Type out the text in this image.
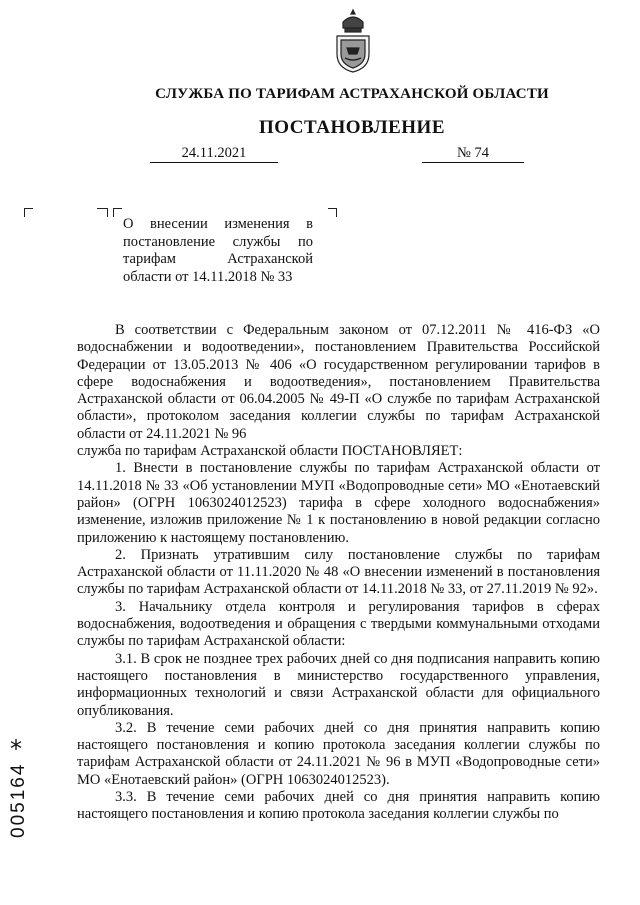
СЛУЖБА ПО ТАРИФАМ АСТРАХАНСКОЙ ОБЛАСТИ
ПОСТАНОВЛЕНИЕ
24.11.2021	№ 74
О внесении изменения в
постановление службы по
тарифам Астраханской
области от 14.11.2018 № 33

В соответствии с Федеральным законом от 07.12.2011 № 416-ФЗ «О водоснабжении и водоотведении», постановлением Правительства Российской Федерации от 13.05.2013 № 406 «О государственном регулировании тарифов в сфере водоснабжения и водоотведения», постановлением Правительства Астраханской области от 06.04.2005 № 49-П «О службе по тарифам Астраханской области», протоколом заседания коллегии службы по тарифам Астраханской области от 24.11.2021 № 96

служба по тарифам Астраханской области ПОСТАНОВЛЯЕТ:

1. Внести в постановление службы по тарифам Астраханской области от 14.11.2018 № 33 «Об установлении МУП «Водопроводные сети» МО «Енотаевский район» (ОГРН 1063024012523) тарифа в сфере холодного водоснабжения» изменение, изложив приложение № 1 к постановлению в новой редакции согласно приложению к настоящему постановлению.

2. Признать утратившим силу постановление службы по тарифам Астраханской области от 11.11.2020 № 48 «О внесении изменений в постановления службы по тарифам Астраханской области от 14.11.2018 № 33, от 27.11.2019 № 92».

3. Начальнику отдела контроля и регулирования тарифов в сферах водоснабжения, водоотведения и обращения с твердыми коммунальными отходами службы по тарифам Астраханской области:

3.1. В срок не позднее трех рабочих дней со дня подписания направить копию настоящего постановления в министерство государственного управления, информационных технологий и связи Астраханской области для официального опубликования.

3.2. В течение семи рабочих дней со дня принятия направить копию настоящего постановления и копию протокола заседания коллегии службы по тарифам Астраханской области от 24.11.2021 № 96 в МУП «Водопроводные сети» МО «Енотаевский район» (ОГРН 1063024012523).

3.3. В течение семи рабочих дней со дня принятия направить копию настоящего постановления и копию протокола заседания коллегии службы по

*
005164
